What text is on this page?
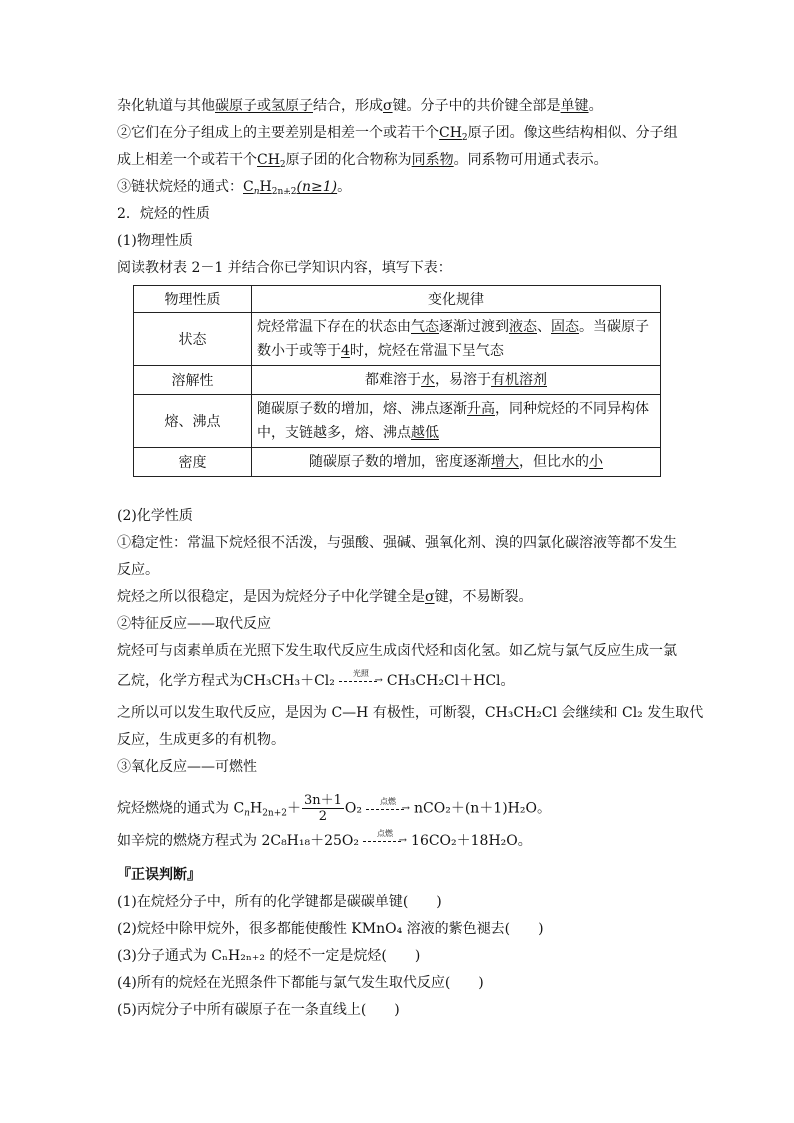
杂化轨道与其他碳原子或氢原子结合，形成σ键。分子中的共价键全部是单键。
②它们在分子组成上的主要差别是相差一个或若干个$CH_2$原子团。像这些结构相似、分子组
成上相差一个或若干个$CH_2$原子团的化合物称为同系物。同系物可用通式表示。
③链状烷烃的通式：$C_nH_{2n+2}(n\ge 1)$。
2．烷烃的性质
(1)物理性质
阅读教材表 2－1 并结合你已学知识内容，填写下表：
物理性质	变化规律
状态	烷烃常温下存在的状态由气态逐渐过渡到液态、固态。当碳原子数小于或等于4时，烷烃在常温下呈气态
溶解性	都难溶于水，易溶于有机溶剂
熔、沸点	随碳原子数的增加，熔、沸点逐渐升高，同种烷烃的不同异构体中，支链越多，熔、沸点越低
密度	随碳原子数的增加，密度逐渐增大，但比水的小
(2)化学性质
①稳定性：常温下烷烃很不活泼，与强酸、强碱、强氧化剂、溴的四氯化碳溶液等都不发生
反应。
烷烃之所以很稳定，是因为烷烃分子中化学键全是σ键，不易断裂。
②特征反应——取代反应
烷烃可与卤素单质在光照下发生取代反应生成卤代烃和卤化氢。如乙烷与氯气反应生成一氯
乙烷，化学方程式为CH₃CH₃＋Cl₂	光照
→ CH₃CH₂Cl＋HCl。
之所以可以发生取代反应，是因为 C—H 有极性，可断裂，CH₃CH₂Cl 会继续和 Cl₂ 发生取代
反应，生成更多的有机物。
③氧化反应——可燃性
烷烃燃烧的通式为 $C_nH_{2n+2}+ \frac{3n+1}{2} O_2$	点燃
→ nCO₂＋(n＋1)H₂O。
如辛烷的燃烧方程式为 2C₈H₁₈＋25O₂	点燃
→ 16CO₂＋18H₂O。
『正误判断』
(1)在烷烃分子中，所有的化学键都是碳碳单键(　　)
(2)烷烃中除甲烷外，很多都能使酸性 KMnO₄ 溶液的紫色褪去(　　)
(3)分子通式为 CₙH₂ₙ₊₂ 的烃不一定是烷烃(　　)
(4)所有的烷烃在光照条件下都能与氯气发生取代反应(　　)
(5)丙烷分子中所有碳原子在一条直线上(　　)
